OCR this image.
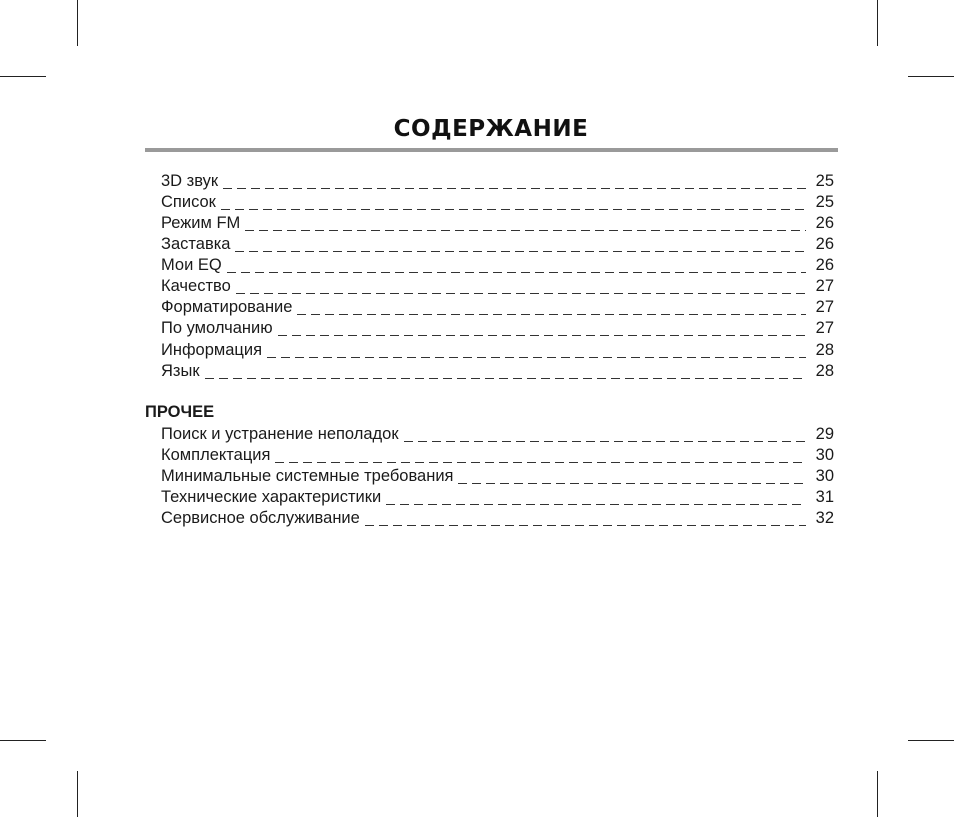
СОДЕРЖАНИЕ
3D звук	25
Список	25
Режим FM	26
Заставка	26
Мои EQ	26
Качество	27
Форматирование	27
По умолчанию	27
Информация	28
Язык	28
ПРОЧЕЕ
Поиск и устранение неполадок	29
Комплектация	30
Минимальные системные требования	30
Технические характеристики	31
Сервисное обслуживание	32
